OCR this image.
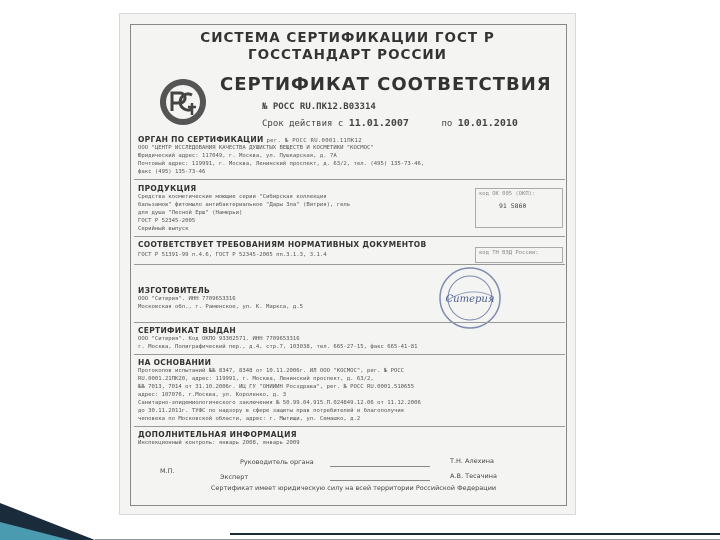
СИСТЕМА СЕРТИФИКАЦИИ ГОСТ Р
ГОССТАНДАРТ РОССИИ
СЕРТИФИКАТ СООТВЕТСТВИЯ
№ РОСС RU.ПК12.В03314
Срок действия с 11.01.2007	по 10.01.2010
ОРГАН ПО СЕРТИФИКАЦИИ рег. № РОСС RU.0001.11ПК12
ООО "ЦЕНТР ИССЛЕДОВАНИЯ КАЧЕСТВА ДУШИСТЫХ ВЕЩЕСТВ И КОСМЕТИКИ "КОСМОС"
Юридический адрес: 117049, г. Москва, ул. Пушкарская, д. 7А
Почтовый адрес: 119991, г. Москва, Ленинский проспект, д. 63/2, тел. (495) 135-73-46,
факс (495) 135-73-46
ПРОДУКЦИЯ
Средства косметические моющие серии "Сибирская коллекция
бальзамов" фитомыло антибактериальное "Дары Зла" (Витрия), гель
для душа "Лесной Ерш" (Намерьи)
ГОСТ Р 52345-2005
Серийный выпуск
код ОК 005 (ОКП):
91 5860
СООТВЕТСТВУЕТ ТРЕБОВАНИЯМ НОРМАТИВНЫХ ДОКУМЕНТОВ
ГОСТ Р 51391-99 п.4.6, ГОСТ Р 52345-2005 пп.3.1.3, 3.1.4	код ТН ВЭД России:
ИЗГОТОВИТЕЛЬ
ООО "Ситерия". ИНН 7709653316
Московская обл., г. Раменское, ул. К. Маркса, д.5
Ситерия
СЕРТИФИКАТ ВЫДАН
ООО "Ситерия". Код ОКПО 93302571. ИНН 7709653316
г. Москва, Полиграфический пер., д.4, стр.7, 103038, тел. 665-27-15, факс 665-41-81
НА ОСНОВАНИИ
Протоколов испытаний №№ 8347, 8348 от 10.11.2006г. ИЛ ООО "КОСМОС", рег. № РОСС
RU.0001.21ПК20, адрес: 119991, г. Москва, Ленинский проспект, д. 63/2,
№№ 7013, 7014 от 31.10.2006г. ИЦ ГУ "ОНИИИН Росздрава", рег. № РОСС RU.0001.510655
адрес: 107076, г.Москва, ул. Короленко, д. 3
Санитарно-эпидемиологического заключения № 50.99.04.915.П.024849.12.06 от 11.12.2006
до 30.11.2011г. ТУФС по надзору в сфере защиты прав потребителей и благополучия
человека по Московской области, адрес: г. Мытищи, ул. Семашко, д.2
ДОПОЛНИТЕЛЬНАЯ ИНФОРМАЦИЯ
Инспекционный контроль: январь 2008, январь 2009
Руководитель органа	Т.Н. Алехина
М.П.
Эксперт	А.В. Тесачина
Сертификат имеет юридическую силу на всей территории Российской Федерации
